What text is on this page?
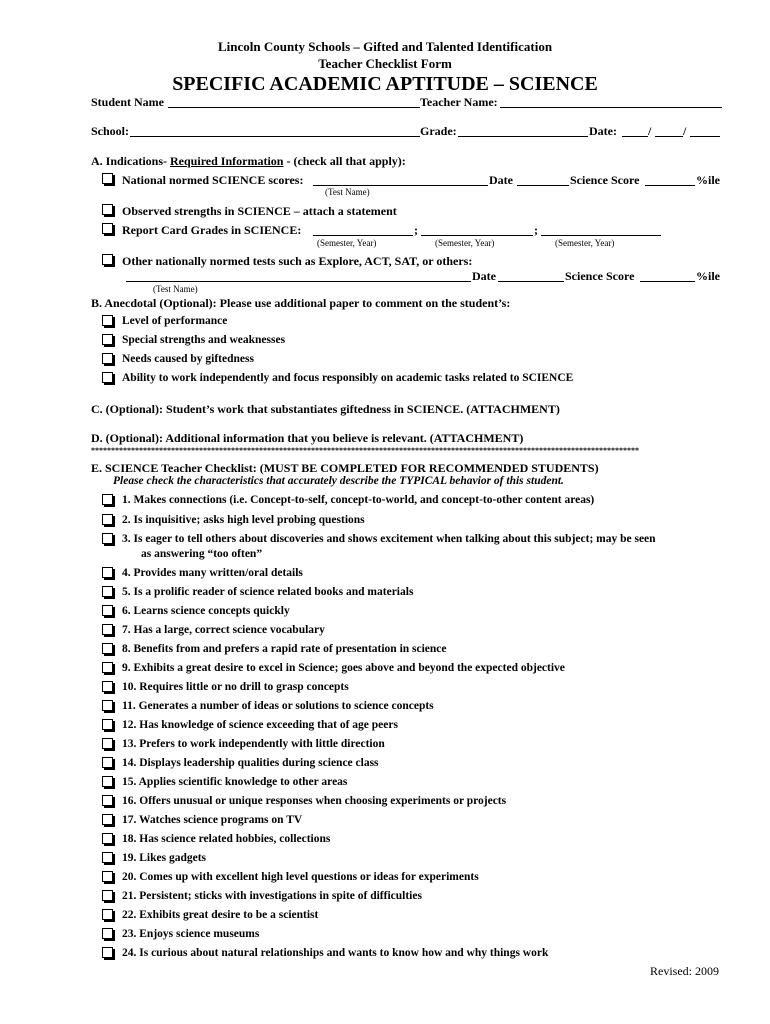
Lincoln County Schools – Gifted and Talented Identification
Teacher Checklist Form
SPECIFIC ACADEMIC APTITUDE – SCIENCE
Student Name	Teacher Name:
School:	Grade:	Date:	/	/
A. Indications- Required Information - (check all that apply):
National normed SCIENCE scores:	Date	Science Score	%ile
(Test Name)
Observed strengths in SCIENCE – attach a statement
Report Card Grades in SCIENCE:	;	;
(Semester, Year)	(Semester, Year)	(Semester, Year)
Other nationally normed tests such as Explore, ACT, SAT, or others:
Date	Science Score	%ile
(Test Name)
B. Anecdotal (Optional): Please use additional paper to comment on the student’s:
Level of performance
Special strengths and weaknesses
Needs caused by giftedness
Ability to work independently and focus responsibly on academic tasks related to SCIENCE
C. (Optional): Student’s work that substantiates giftedness in SCIENCE. (ATTACHMENT)
D. (Optional): Additional information that you believe is relevant. (ATTACHMENT)
*****************************************************************************************************************************************
E. SCIENCE Teacher Checklist: (MUST BE COMPLETED FOR RECOMMENDED STUDENTS)
Please check the characteristics that accurately describe the TYPICAL behavior of this student.
1. Makes connections (i.e. Concept-to-self, concept-to-world, and concept-to-other content areas)
2. Is inquisitive; asks high level probing questions
3. Is eager to tell others about discoveries and shows excitement when talking about this subject; may be seen
4. Provides many written/oral details
5. Is a prolific reader of science related books and materials
6. Learns science concepts quickly
7. Has a large, correct science vocabulary
8. Benefits from and prefers a rapid rate of presentation in science
9. Exhibits a great desire to excel in Science; goes above and beyond the expected objective
10. Requires little or no drill to grasp concepts
11. Generates a number of ideas or solutions to science concepts
12. Has knowledge of science exceeding that of age peers
13. Prefers to work independently with little direction
14. Displays leadership qualities during science class
15. Applies scientific knowledge to other areas
16. Offers unusual or unique responses when choosing experiments or projects
17. Watches science programs on TV
18. Has science related hobbies, collections
19. Likes gadgets
20. Comes up with excellent high level questions or ideas for experiments
21. Persistent; sticks with investigations in spite of difficulties
22. Exhibits great desire to be a scientist
23. Enjoys science museums
24. Is curious about natural relationships and wants to know how and why things work
as answering “too often”
Revised: 2009
